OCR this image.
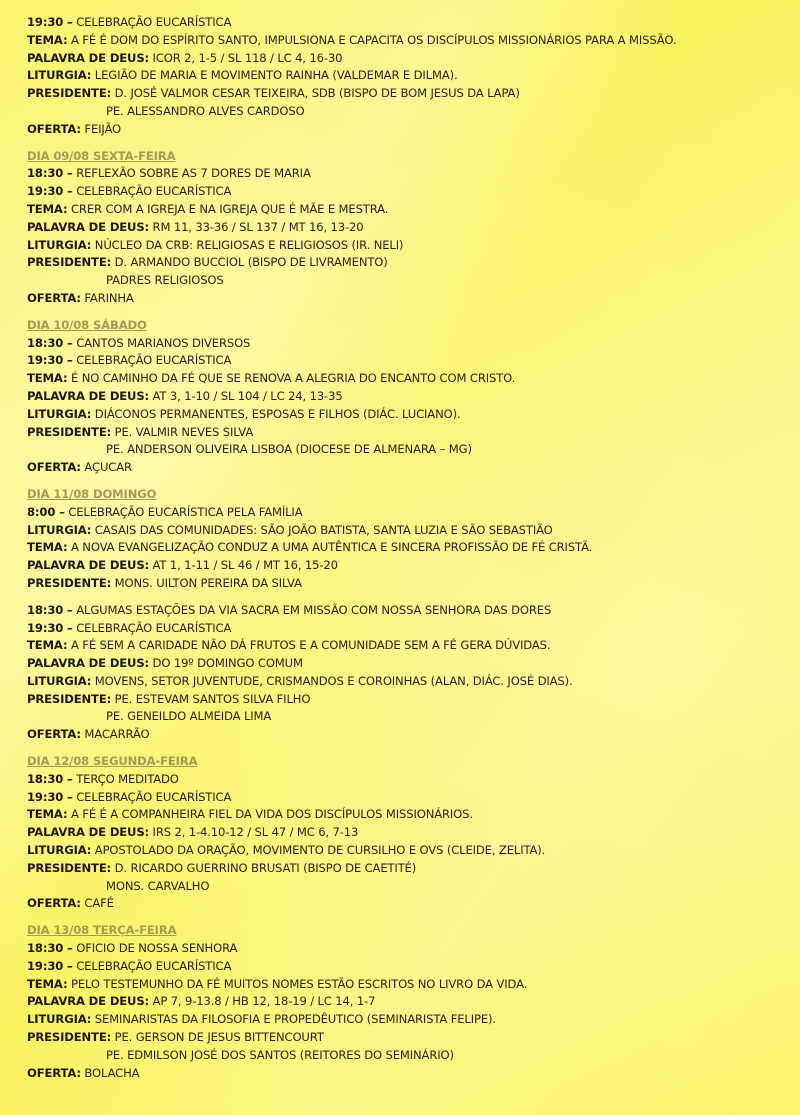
19:30 – CELEBRAÇÃO EUCARÍSTICA
TEMA: A FÉ É DOM DO ESPÍRITO SANTO, IMPULSIONA E CAPACITA OS DISCÍPULOS MISSIONÁRIOS PARA A MISSÃO.
PALAVRA DE DEUS: ICOR 2, 1-5 / SL 118 / LC 4, 16-30
LITURGIA: LEGIÃO DE MARIA E MOVIMENTO RAINHA (VALDEMAR E DILMA).
PRESIDENTE: D. JOSÉ VALMOR CESAR TEIXEIRA, SDB (BISPO DE BOM JESUS DA LAPA)
PE. ALESSANDRO ALVES CARDOSO
OFERTA: FEIJÃO
DIA 09/08 SEXTA-FEIRA
18:30 – REFLEXÃO SOBRE AS 7 DORES DE MARIA
19:30 – CELEBRAÇÃO EUCARÍSTICA
TEMA: CRER COM A IGREJA E NA IGREJA QUE É MÃE E MESTRA.
PALAVRA DE DEUS: RM 11, 33-36 / SL 137 / MT 16, 13-20
LITURGIA: NÚCLEO DA CRB: RELIGIOSAS E RELIGIOSOS (IR. NELI)
PRESIDENTE: D. ARMANDO BUCCIOL (BISPO DE LIVRAMENTO)
PADRES RELIGIOSOS
OFERTA: FARINHA
DIA 10/08 SÁBADO
18:30 – CANTOS MARIANOS DIVERSOS
19:30 – CELEBRAÇÃO EUCARÍSTICA
TEMA: É NO CAMINHO DA FÉ QUE SE RENOVA A ALEGRIA DO ENCANTO COM CRISTO.
PALAVRA DE DEUS: AT 3, 1-10 / SL 104 / LC 24, 13-35
LITURGIA: DIÁCONOS PERMANENTES, ESPOSAS E FILHOS (DIÁC. LUCIANO).
PRESIDENTE: PE. VALMIR NEVES SILVA
PE. ANDERSON OLIVEIRA LISBOA (DIOCESE DE ALMENARA – MG)
OFERTA: AÇUCAR
DIA 11/08 DOMINGO
8:00 – CELEBRAÇÃO EUCARÍSTICA PELA FAMÍLIA
LITURGIA: CASAIS DAS COMUNIDADES: SÃO JOÃO BATISTA, SANTA LUZIA E SÃO SEBASTIÃO
TEMA: A NOVA EVANGELIZAÇÃO CONDUZ A UMA AUTÊNTICA E SINCERA PROFISSÃO DE FÉ CRISTÃ.
PALAVRA DE DEUS: AT 1, 1-11 / SL 46 / MT 16, 15-20
PRESIDENTE: MONS. UILTON PEREIRA DA SILVA
18:30 – ALGUMAS ESTAÇÕES DA VIA SACRA EM MISSÃO COM NOSSA SENHORA DAS DORES
19:30 – CELEBRAÇÃO EUCARÍSTICA
TEMA: A FÉ SEM A CARIDADE NÃO DÁ FRUTOS E A COMUNIDADE SEM A FÉ GERA DÚVIDAS.
PALAVRA DE DEUS: DO 19º DOMINGO COMUM
LITURGIA: MOVENS, SETOR JUVENTUDE, CRISMANDOS E COROINHAS (ALAN, DIÁC. JOSÉ DIAS).
PRESIDENTE: PE. ESTEVAM SANTOS SILVA FILHO
PE. GENEILDO ALMEIDA LIMA
OFERTA: MACARRÃO
DIA 12/08 SEGUNDA-FEIRA
18:30 – TERÇO MEDITADO
19:30 – CELEBRAÇÃO EUCARÍSTICA
TEMA: A FÉ É A COMPANHEIRA FIEL DA VIDA DOS DISCÍPULOS MISSIONÁRIOS.
PALAVRA DE DEUS: IRS 2, 1-4.10-12 / SL 47 / MC 6, 7-13
LITURGIA: APOSTOLADO DA ORAÇÃO, MOVIMENTO DE CURSILHO E OVS (CLEIDE, ZELITA).
PRESIDENTE: D. RICARDO GUERRINO BRUSATI (BISPO DE CAETITÉ)
MONS. CARVALHO
OFERTA: CAFÉ
DIA 13/08 TERÇA-FEIRA
18:30 – OFICIO DE NOSSA SENHORA
19:30 – CELEBRAÇÃO EUCARÍSTICA
TEMA: PELO TESTEMUNHO DA FÉ MUITOS NOMES ESTÃO ESCRITOS NO LIVRO DA VIDA.
PALAVRA DE DEUS: AP 7, 9-13.8 / HB 12, 18-19 / LC 14, 1-7
LITURGIA: SEMINARISTAS DA FILOSOFIA E PROPEDÊUTICO (SEMINARISTA FELIPE).
PRESIDENTE: PE. GERSON DE JESUS BITTENCOURT
PE. EDMILSON JOSÉ DOS SANTOS (REITORES DO SEMINÁRIO)
OFERTA: BOLACHA
